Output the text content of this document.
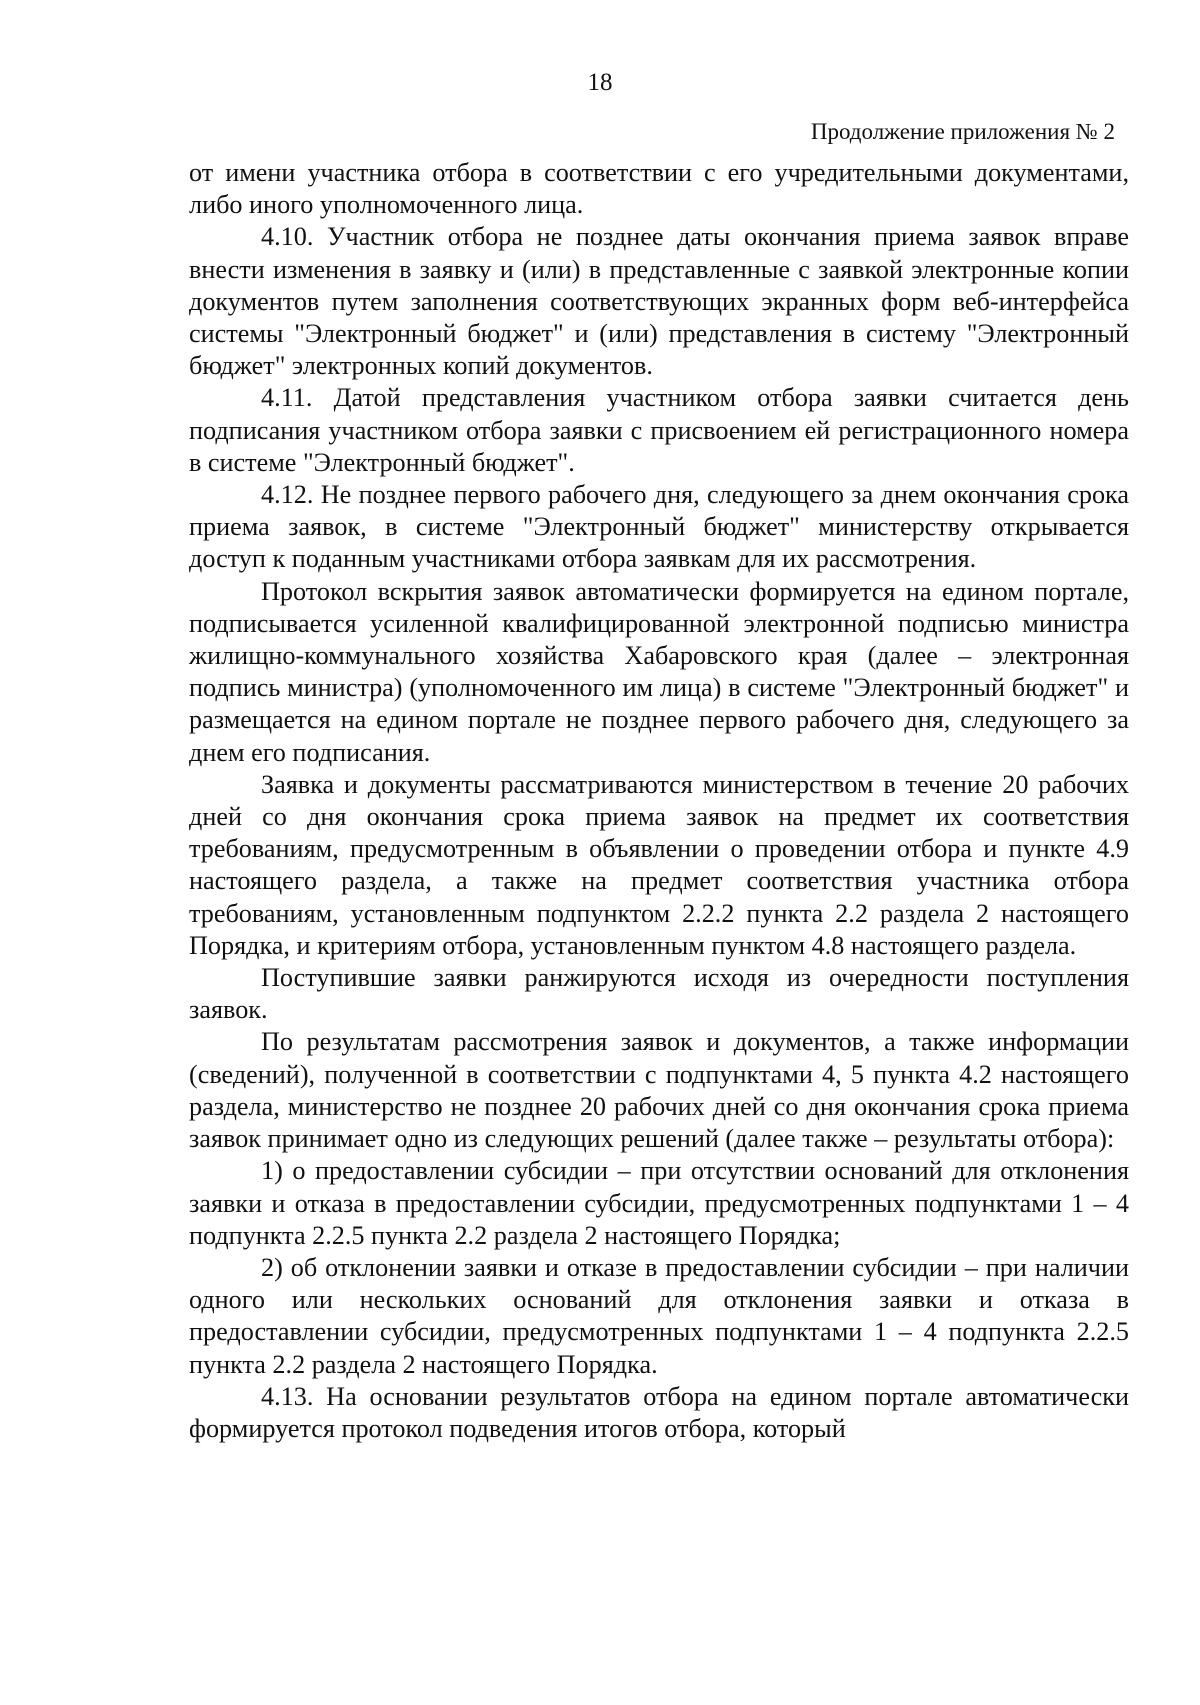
18
Продолжение приложения № 2

от имени участника отбора в соответствии с его учредительными документами, либо иного уполномоченного лица.

4.10. Участник отбора не позднее даты окончания приема заявок вправе внести изменения в заявку и (или) в представленные с заявкой электронные копии документов путем заполнения соответствующих экранных форм веб-интерфейса системы "Электронный бюджет" и (или) представления в систему "Электронный бюджет" электронных копий документов.

4.11. Датой представления участником отбора заявки считается день подписания участником отбора заявки с присвоением ей регистрационного номера в системе "Электронный бюджет".

4.12. Не позднее первого рабочего дня, следующего за днем окончания срока приема заявок, в системе "Электронный бюджет" министерству открывается доступ к поданным участниками отбора заявкам для их рассмотрения.

Протокол вскрытия заявок автоматически формируется на едином портале, подписывается усиленной квалифицированной электронной подписью министра жилищно-коммунального хозяйства Хабаровского края (далее – электронная подпись министра) (уполномоченного им лица) в системе "Электронный бюджет" и размещается на едином портале не позднее первого рабочего дня, следующего за днем его подписания.

Заявка и документы рассматриваются министерством в течение 20 рабочих дней со дня окончания срока приема заявок на предмет их соответствия требованиям, предусмотренным в объявлении о проведении отбора и пункте 4.9 настоящего раздела, а также на предмет соответствия участника отбора требованиям, установленным подпунктом 2.2.2 пункта 2.2 раздела 2 настоящего Порядка, и критериям отбора, установленным пунктом 4.8 настоящего раздела.

Поступившие заявки ранжируются исходя из очередности поступления заявок.

По результатам рассмотрения заявок и документов, а также информации (сведений), полученной в соответствии с подпунктами 4, 5 пункта 4.2 настоящего раздела, министерство не позднее 20 рабочих дней со дня окончания срока приема заявок принимает одно из следующих решений (далее также – результаты отбора):

1) о предоставлении субсидии – при отсутствии оснований для отклонения заявки и отказа в предоставлении субсидии, предусмотренных подпунктами 1 – 4 подпункта 2.2.5 пункта 2.2 раздела 2 настоящего Порядка;

2) об отклонении заявки и отказе в предоставлении субсидии – при наличии одного или нескольких оснований для отклонения заявки и отказа в предоставлении субсидии, предусмотренных подпунктами 1 – 4 подпункта 2.2.5 пункта 2.2 раздела 2 настоящего Порядка.

4.13. На основании результатов отбора на едином портале автоматически формируется протокол подведения итогов отбора, который
